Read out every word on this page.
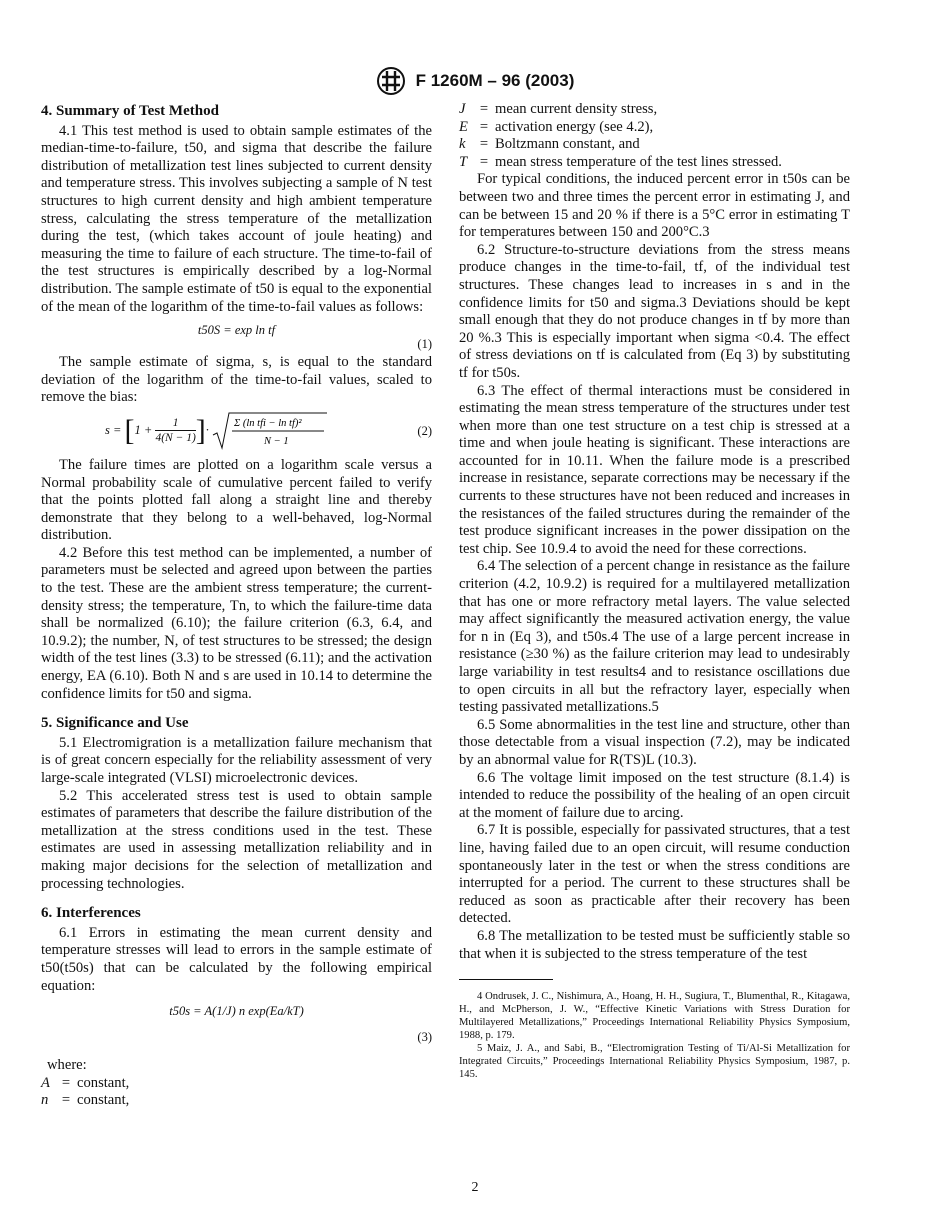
F 1260M – 96 (2003)
4. Summary of Test Method

4.1 This test method is used to obtain sample estimates of the median-time-to-failure, t50, and sigma that describe the failure distribution of metallization test lines subjected to current density and temperature stress. This involves subjecting a sample of N test structures to high current density and high ambient temperature stress, calculating the stress temperature of the metallization during the test, (which takes account of joule heating) and measuring the time to failure of each structure. The time-to-fail of the test structures is empirically described by a log-Normal distribution. The sample estimate of t50 is equal to the exponential of the mean of the logarithm of the time-to-fail values as follows:

t50S = exp ln tf
(1)

The sample estimate of sigma, s, is equal to the standard deviation of the logarithm of the time-to-fail values, scaled to remove the bias:

$s = [1 + \frac{1}{4(N - 1)}$ ]· Σ (ln tfi − ln tf)²
N − 1
(2)

The failure times are plotted on a logarithm scale versus a Normal probability scale of cumulative percent failed to verify that the points plotted fall along a straight line and thereby demonstrate that they belong to a well-behaved, log-Normal distribution.

4.2 Before this test method can be implemented, a number of parameters must be selected and agreed upon between the parties to the test. These are the ambient stress temperature; the current-density stress; the temperature, Tn, to which the failure-time data shall be normalized (6.10); the failure criterion (6.3, 6.4, and 10.9.2); the number, N, of test structures to be stressed; the design width of the test lines (3.3) to be stressed (6.11); and the activation energy, EA (6.10). Both N and s are used in 10.14 to determine the confidence limits for t50 and sigma.

5. Significance and Use

5.1 Electromigration is a metallization failure mechanism that is of great concern especially for the reliability assessment of very large-scale integrated (VLSI) microelectronic devices.

5.2 This accelerated stress test is used to obtain sample estimates of parameters that describe the failure distribution of the metallization at the stress conditions used in the test. These estimates are used in assessing metallization reliability and in making major decisions for the selection of metallization and processing technologies.

6. Interferences

6.1 Errors in estimating the mean current density and temperature stresses will lead to errors in the sample estimate of t50(t50s) that can be calculated by the following empirical equation:

t50s = A(1/J) n exp(Ea/kT)
(3)

where:

A	=	constant,
n	=	constant,
J	=	mean current density stress,
E	=	activation energy (see 4.2),
k	=	Boltzmann constant, and
T	=	mean stress temperature of the test lines stressed.

For typical conditions, the induced percent error in t50s can be between two and three times the percent error in estimating J, and can be between 15 and 20 % if there is a 5°C error in estimating T for temperatures between 150 and 200°C.3

6.2 Structure-to-structure deviations from the stress means produce changes in the time-to-fail, tf, of the individual test structures. These changes lead to increases in s and in the confidence limits for t50 and sigma.3 Deviations should be kept small enough that they do not produce changes in tf by more than 20 %.3 This is especially important when sigma <0.4. The effect of stress deviations on tf is calculated from (Eq 3) by substituting tf for t50s.

6.3 The effect of thermal interactions must be considered in estimating the mean stress temperature of the structures under test when more than one test structure on a test chip is stressed at a time and when joule heating is significant. These interactions are accounted for in 10.11. When the failure mode is a prescribed increase in resistance, separate corrections may be necessary if the currents to these structures have not been reduced and increases in the resistances of the failed structures during the remainder of the test produce significant increases in the power dissipation on the test chip. See 10.9.4 to avoid the need for these corrections.

6.4 The selection of a percent change in resistance as the failure criterion (4.2, 10.9.2) is required for a multilayered metallization that has one or more refractory metal layers. The value selected may affect significantly the measured activation energy, the value for n in (Eq 3), and t50s.4 The use of a large percent increase in resistance (≥30 %) as the failure criterion may lead to undesirably large variability in test results4 and to resistance oscillations due to open circuits in all but the refractory layer, especially when testing passivated metallizations.5

6.5 Some abnormalities in the test line and structure, other than those detectable from a visual inspection (7.2), may be indicated by an abnormal value for R(TS)L (10.3).

6.6 The voltage limit imposed on the test structure (8.1.4) is intended to reduce the possibility of the healing of an open circuit at the moment of failure due to arcing.

6.7 It is possible, especially for passivated structures, that a test line, having failed due to an open circuit, will resume conduction spontaneously later in the test or when the stress conditions are interrupted for a period. The current to these structures shall be reduced as soon as practicable after their recovery has been detected.

6.8 The metallization to be tested must be sufficiently stable so that when it is subjected to the stress temperature of the test

4 Ondrusek, J. C., Nishimura, A., Hoang, H. H., Sugiura, T., Blumenthal, R., Kitagawa, H., and McPherson, J. W., “Effective Kinetic Variations with Stress Duration for Multilayered Metallizations,” Proceedings International Reliability Physics Symposium, 1988, p. 179.

5 Maiz, J. A., and Sabi, B., “Electromigration Testing of Ti/Al-Si Metallization for Integrated Circuits,” Proceedings International Reliability Physics Symposium, 1987, p. 145.

2
